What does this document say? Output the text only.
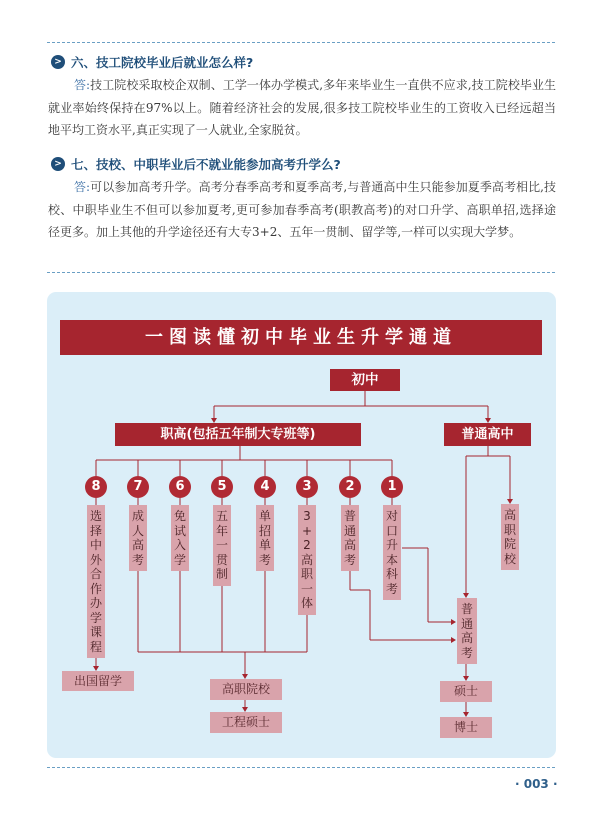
> 六、技工院校毕业后就业怎么样?
答:技工院校采取校企双制、工学一体办学模式,多年来毕业生一直供不应求,技工院校毕业生就业率始终保持在97%以上。随着经济社会的发展,很多技工院校毕业生的工资收入已经远超当地平均工资水平,真正实现了一人就业,全家脱贫。
> 七、技校、中职毕业后不就业能参加高考升学么?
答:可以参加高考升学。高考分春季高考和夏季高考,与普通高中生只能参加夏季高考相比,技校、中职毕业生不但可以参加夏考,更可参加春季高考(职教高考)的对口升学、高职单招,选择途径更多。加上其他的升学途径还有大专3+2、五年一贯制、留学等,一样可以实现大学梦。
一图读懂初中毕业生升学通道
初中
职高(包括五年制大专班等)	普通高中
8	7	6	5	4	3	2	1
选
择
中
外
合
作
办
学
课
程
成
人
高
考
免
试
入
学
五
年
一
贯
制
单
招
单
考
3
+
2
高
职
一
体
普
通
高
考
对
口
升
本
科
考
普
通
高
考
高
职
院
校
出国留学
高职院校
工程硕士
硕士
博士
· 003 ·
